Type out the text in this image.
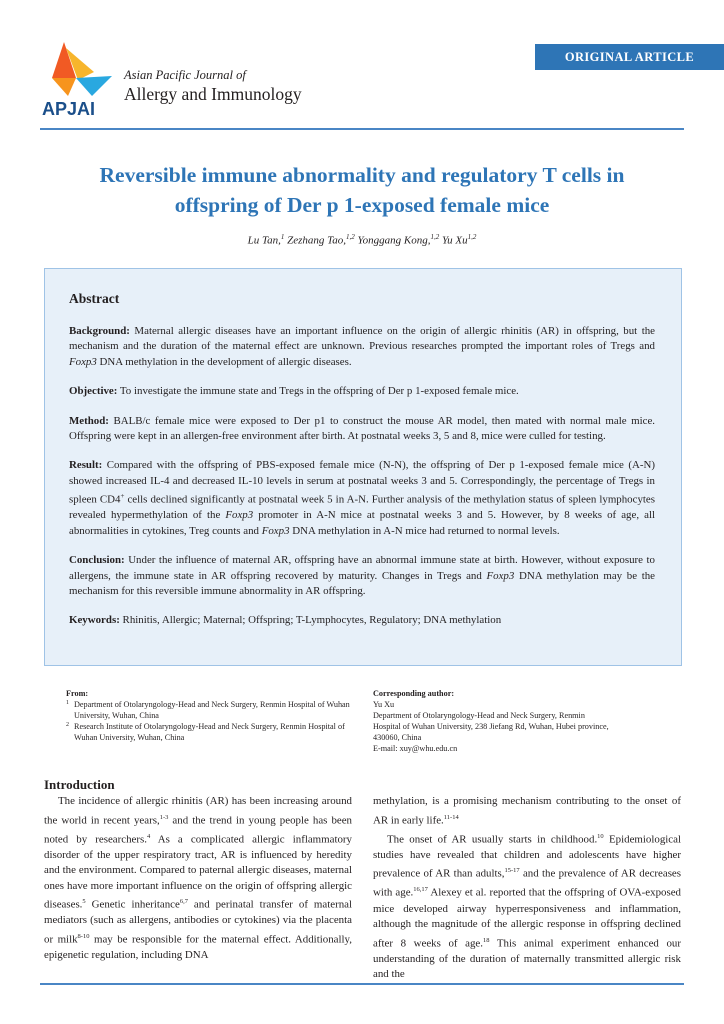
APJAI
Asian Pacific Journal of
Allergy and Immunology
ORIGINAL ARTICLE
Reversible immune abnormality and regulatory T cells in
offspring of Der p 1-exposed female mice
Lu Tan,$^1$ Zezhang Tao,$^{1,2}$ Yonggang Kong,$^{1,2}$ Yu Xu$^{1,2}$
Abstract

Background: Maternal allergic diseases have an important influence on the origin of allergic rhinitis (AR) in offspring, but the mechanism and the duration of the maternal effect are unknown. Previous researches prompted the important roles of Tregs and Foxp3 DNA methylation in the development of allergic diseases.

Objective: To investigate the immune state and Tregs in the offspring of Der p 1-exposed female mice.

Method: BALB/c female mice were exposed to Der p1 to construct the mouse AR model, then mated with normal male mice. Offspring were kept in an allergen-free environment after birth. At postnatal weeks 3, 5 and 8, mice were culled for testing.

Result: Compared with the offspring of PBS-exposed female mice (N-N), the offspring of Der p 1-exposed female mice (A-N) showed increased IL-4 and decreased IL-10 levels in serum at postnatal weeks 3 and 5. Correspondingly, the percentage of Tregs in spleen CD4+ cells declined significantly at postnatal week 5 in A-N. Further analysis of the methylation status of spleen lymphocytes revealed hypermethylation of the Foxp3 promoter in A-N mice at postnatal weeks 3 and 5. However, by 8 weeks of age, all abnormalities in cytokines, Treg counts and Foxp3 DNA methylation in A-N mice had returned to normal levels.

Conclusion: Under the influence of maternal AR, offspring have an abnormal immune state at birth. However, without exposure to allergens, the immune state in AR offspring recovered by maturity. Changes in Tregs and Foxp3 DNA methylation may be the mechanism for this reversible immune abnormality in AR offspring.

Keywords: Rhinitis, Allergic; Maternal; Offspring; T-Lymphocytes, Regulatory; DNA methylation

From:
1 Department of Otolaryngology-Head and Neck Surgery, Renmin Hospital of Wuhan University, Wuhan, China
2 Research Institute of Otolaryngology-Head and Neck Surgery, Renmin Hospital of Wuhan University, Wuhan, China
Corresponding author:
Yu Xu
Department of Otolaryngology-Head and Neck Surgery, Renmin
Hospital of Wuhan University, 238 Jiefang Rd, Wuhan, Hubei province,
430060, China
E-mail: xuy@whu.edu.cn
Introduction

The incidence of allergic rhinitis (AR) has been increasing around the world in recent years,$^{1-3}$ and the trend in young people has been noted by researchers.$^4$ As a complicated allergic inflammatory disorder of the upper respiratory tract, AR is influenced by heredity and the environment. Compared to paternal allergic diseases, maternal ones have more important influence on the origin of offspring allergic diseases.$^5$ Genetic inheritance$^{6,7}$ and perinatal transfer of maternal mediators (such as allergens, antibodies or cytokines) via the placenta or milk$^{8-10}$ may be responsible for the maternal effect. Additionally, epigenetic regulation, including DNA

methylation, is a promising mechanism contributing to the onset of AR in early life.$^{11-14}$

The onset of AR usually starts in childhood.$^{10}$ Epidemiological studies have revealed that children and adolescents have higher prevalence of AR than adults,$^{15-17}$ and the prevalence of AR decreases with age.$^{16,17}$ Alexey et al. reported that the offspring of OVA-exposed mice developed airway hyperresponsiveness and inflammation, although the magnitude of the allergic response in offspring declined after 8 weeks of age.$^{18}$ This animal experiment enhanced our understanding of the duration of maternally transmitted allergic risk and the
